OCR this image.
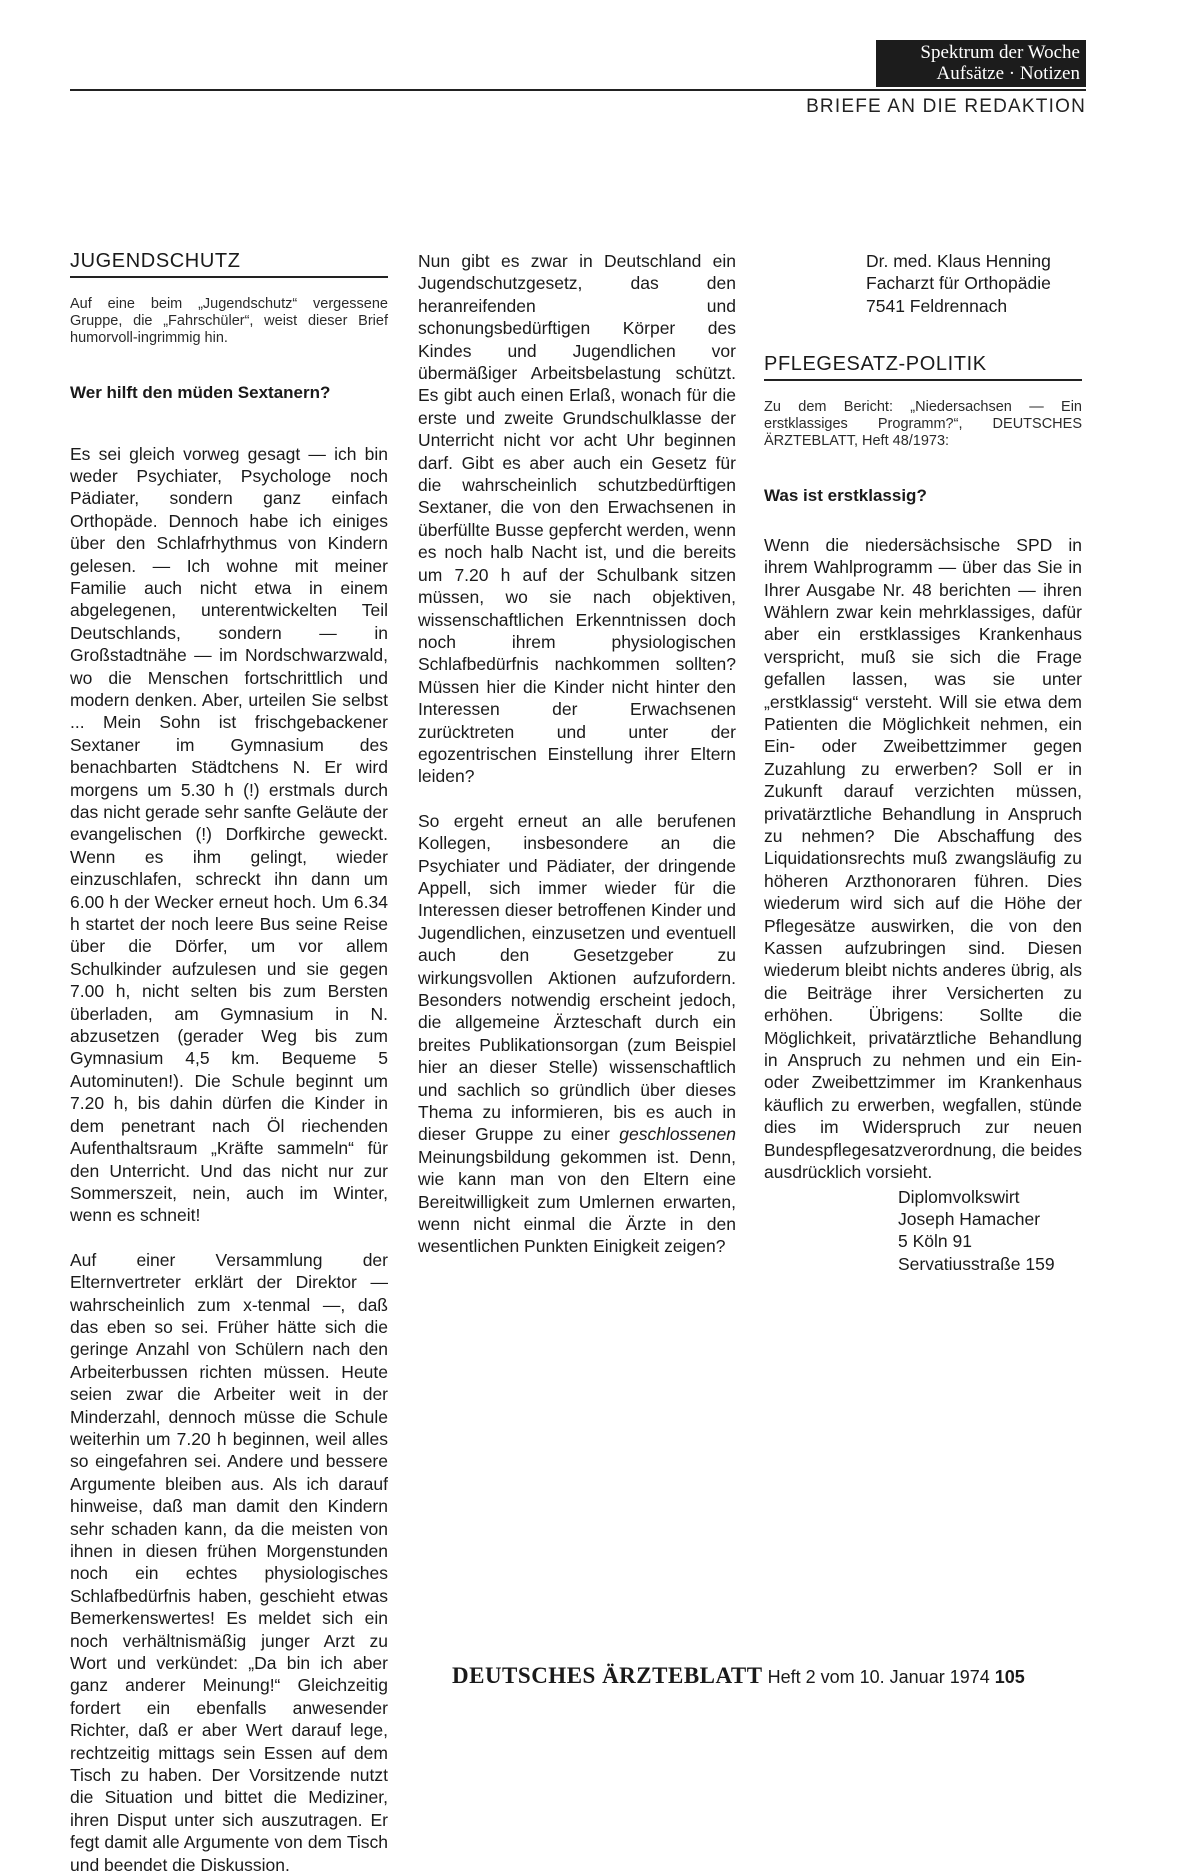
Spektrum der Woche
Aufsätze · Notizen
BRIEFE AN DIE REDAKTION
JUGENDSCHUTZ
Auf eine beim „Jugendschutz“ vergessene Gruppe, die „Fahrschüler“, weist dieser Brief humorvoll-ingrimmig hin.
Wer hilft den müden Sextanern?

Es sei gleich vorweg gesagt — ich bin weder Psychiater, Psychologe noch Pädiater, sondern ganz einfach Orthopäde. Dennoch habe ich einiges über den Schlafrhythmus von Kindern gelesen. — Ich wohne mit meiner Familie auch nicht etwa in einem abgelegenen, unterentwickelten Teil Deutschlands, sondern — in Großstadtnähe — im Nordschwarzwald, wo die Menschen fortschrittlich und modern denken. Aber, urteilen Sie selbst ... Mein Sohn ist frischgebackener Sextaner im Gymnasium des benachbarten Städtchens N. Er wird morgens um 5.30 h (!) erstmals durch das nicht gerade sehr sanfte Geläute der evangelischen (!) Dorfkirche geweckt. Wenn es ihm gelingt, wieder einzuschlafen, schreckt ihn dann um 6.00 h der Wecker erneut hoch. Um 6.34 h startet der noch leere Bus seine Reise über die Dörfer, um vor allem Schulkinder aufzulesen und sie gegen 7.00 h, nicht selten bis zum Bersten überladen, am Gymnasium in N. abzusetzen (gerader Weg bis zum Gymnasium 4,5 km. Bequeme 5 Autominuten!). Die Schule beginnt um 7.20 h, bis dahin dürfen die Kinder in dem penetrant nach Öl riechenden Aufenthaltsraum „Kräfte sammeln“ für den Unterricht. Und das nicht nur zur Sommerszeit, nein, auch im Winter, wenn es schneit!

Auf einer Versammlung der Elternvertreter erklärt der Direktor — wahrscheinlich zum x-tenmal —, daß das eben so sei. Früher hätte sich die geringe Anzahl von Schülern nach den Arbeiterbussen richten müssen. Heute seien zwar die Arbeiter weit in der Minderzahl, dennoch müsse die Schule weiterhin um 7.20 h beginnen, weil alles so eingefahren sei. Andere und bessere Argumente bleiben aus. Als ich darauf hinweise, daß man damit den Kindern sehr schaden kann, da die meisten von ihnen in diesen frühen Morgenstunden noch ein echtes physiologisches Schlafbedürfnis haben, geschieht etwas Bemerkenswertes! Es meldet sich ein noch verhältnismäßig junger Arzt zu Wort und verkündet: „Da bin ich aber ganz anderer Meinung!“ Gleichzeitig fordert ein ebenfalls anwesender Richter, daß er aber Wert darauf lege, rechtzeitig mittags sein Essen auf dem Tisch zu haben. Der Vorsitzende nutzt die Situation und bittet die Mediziner, ihren Disput unter sich auszutragen. Er fegt damit alle Argumente von dem Tisch und beendet die Diskussion.

Nun gibt es zwar in Deutschland ein Jugendschutzgesetz, das den heranreifenden und schonungsbedürftigen Körper des Kindes und Jugendlichen vor übermäßiger Arbeitsbelastung schützt. Es gibt auch einen Erlaß, wonach für die erste und zweite Grundschulklasse der Unterricht nicht vor acht Uhr beginnen darf. Gibt es aber auch ein Gesetz für die wahrscheinlich schutzbedürftigen Sextaner, die von den Erwachsenen in überfüllte Busse gepfercht werden, wenn es noch halb Nacht ist, und die bereits um 7.20 h auf der Schulbank sitzen müssen, wo sie nach objektiven, wissenschaftlichen Erkenntnissen doch noch ihrem physiologischen Schlafbedürfnis nachkommen sollten? Müssen hier die Kinder nicht hinter den Interessen der Erwachsenen zurücktreten und unter der egozentrischen Einstellung ihrer Eltern leiden?

So ergeht erneut an alle berufenen Kollegen, insbesondere an die Psychiater und Pädiater, der dringende Appell, sich immer wieder für die Interessen dieser betroffenen Kinder und Jugendlichen, einzusetzen und eventuell auch den Gesetzgeber zu wirkungsvollen Aktionen aufzufordern. Besonders notwendig erscheint jedoch, die allgemeine Ärzteschaft durch ein breites Publikationsorgan (zum Beispiel hier an dieser Stelle) wissenschaftlich und sachlich so gründlich über dieses Thema zu informieren, bis es auch in dieser Gruppe zu einer geschlossenen Meinungsbildung gekommen ist. Denn, wie kann man von den Eltern eine Bereitwilligkeit zum Umlernen erwarten, wenn nicht einmal die Ärzte in den wesentlichen Punkten Einigkeit zeigen?

Dr. med. Klaus Henning
Facharzt für Orthopädie
7541 Feldrennach
PFLEGESATZ-POLITIK
Zu dem Bericht: „Niedersachsen — Ein erstklassiges Programm?“, DEUTSCHES ÄRZTEBLATT, Heft 48/1973:
Was ist erstklassig?

Wenn die niedersächsische SPD in ihrem Wahlprogramm — über das Sie in Ihrer Ausgabe Nr. 48 berichten — ihren Wählern zwar kein mehrklassiges, dafür aber ein erstklassiges Krankenhaus verspricht, muß sie sich die Frage gefallen lassen, was sie unter „erstklassig“ versteht. Will sie etwa dem Patienten die Möglichkeit nehmen, ein Ein- oder Zweibettzimmer gegen Zuzahlung zu erwerben? Soll er in Zukunft darauf verzichten müssen, privatärztliche Behandlung in Anspruch zu nehmen? Die Abschaffung des Liquidationsrechts muß zwangsläufig zu höheren Arzthonoraren führen. Dies wiederum wird sich auf die Höhe der Pflegesätze auswirken, die von den Kassen aufzubringen sind. Diesen wiederum bleibt nichts anderes übrig, als die Beiträge ihrer Versicherten zu erhöhen. Übrigens: Sollte die Möglichkeit, privatärztliche Behandlung in Anspruch zu nehmen und ein Ein- oder Zweibettzimmer im Krankenhaus käuflich zu erwerben, wegfallen, stünde dies im Widerspruch zur neuen Bundespflegesatzverordnung, die beides ausdrücklich vorsieht.

Diplomvolkswirt
Joseph Hamacher
5 Köln 91
Servatiusstraße 159
DEUTSCHES ÄRZTEBLATT Heft 2 vom 10. Januar 1974 105
